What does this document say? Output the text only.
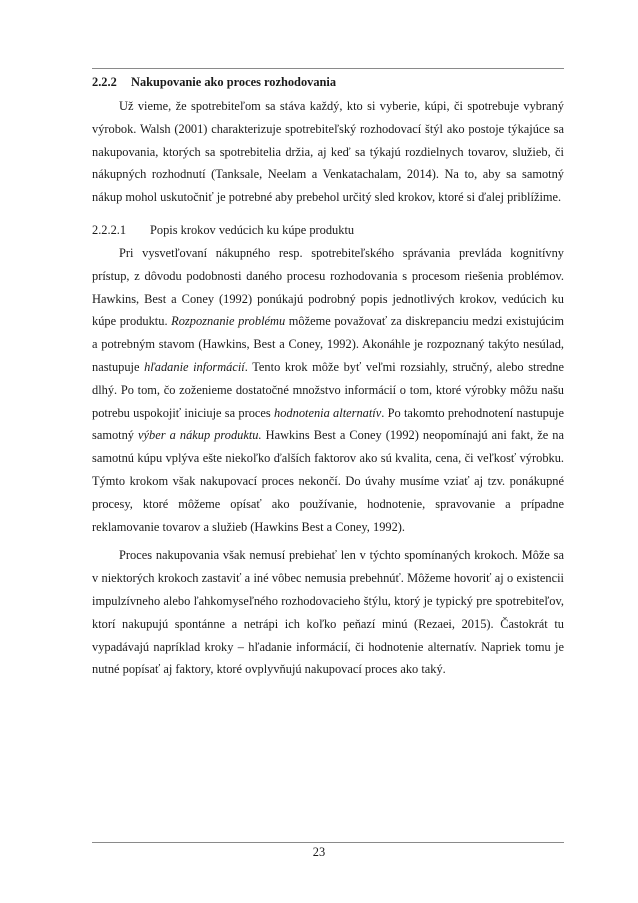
2.2.2 Nakupovanie ako proces rozhodovania

Už vieme, že spotrebiteľom sa stáva každý, kto si vyberie, kúpi, či spotrebuje vybraný výrobok. Walsh (2001) charakterizuje spotrebiteľský rozhodovací štýl ako postoje týkajúce sa nakupovania, ktorých sa spotrebitelia držia, aj keď sa týkajú rozdielnych tovarov, služieb, či nákupných rozhodnutí (Tanksale, Neelam a Venkatachalam, 2014). Na to, aby sa samotný nákup mohol uskutočniť je potrebné aby prebehol určitý sled krokov, ktoré si ďalej priblížime.

2.2.2.1 Popis krokov vedúcich ku kúpe produktu

Pri vysvetľovaní nákupného resp. spotrebiteľského správania prevláda kognitívny prístup, z dôvodu podobnosti daného procesu rozhodovania s procesom riešenia problémov. Hawkins, Best a Coney (1992) ponúkajú podrobný popis jednotlivých krokov, vedúcich ku kúpe produktu. Rozpoznanie problému môžeme považovať za diskrepanciu medzi existujúcim a potrebným stavom (Hawkins, Best a Coney, 1992). Akonáhle je rozpoznaný takýto nesúlad, nastupuje hľadanie informácií. Tento krok môže byť veľmi rozsiahly, stručný, alebo stredne dlhý. Po tom, čo zoženieme dostatočné množstvo informácií o tom, ktoré výrobky môžu našu potrebu uspokojiť iniciuje sa proces hodnotenia alternatív. Po takomto prehodnotení nastupuje samotný výber a nákup produktu. Hawkins Best a Coney (1992) neopomínajú ani fakt, že na samotnú kúpu vplýva ešte niekoľko ďalších faktorov ako sú kvalita, cena, či veľkosť výrobku. Týmto krokom však nakupovací proces nekončí. Do úvahy musíme vziať aj tzv. ponákupné procesy, ktoré môžeme opísať ako používanie, hodnotenie, spravovanie a prípadne reklamovanie tovarov a služieb (Hawkins Best a Coney, 1992).

Proces nakupovania však nemusí prebiehať len v týchto spomínaných krokoch. Môže sa v niektorých krokoch zastaviť a iné vôbec nemusia prebehnúť. Môžeme hovoriť aj o existencii impulzívneho alebo ľahkomyseľného rozhodovacieho štýlu, ktorý je typický pre spotrebiteľov, ktorí nakupujú spontánne a netrápi ich koľko peňazí minú (Rezaei, 2015). Častokrát tu vypadávajú napríklad kroky – hľadanie informácií, či hodnotenie alternatív. Napriek tomu je nutné popísať aj faktory, ktoré ovplyvňujú nakupovací proces ako taký.

23
